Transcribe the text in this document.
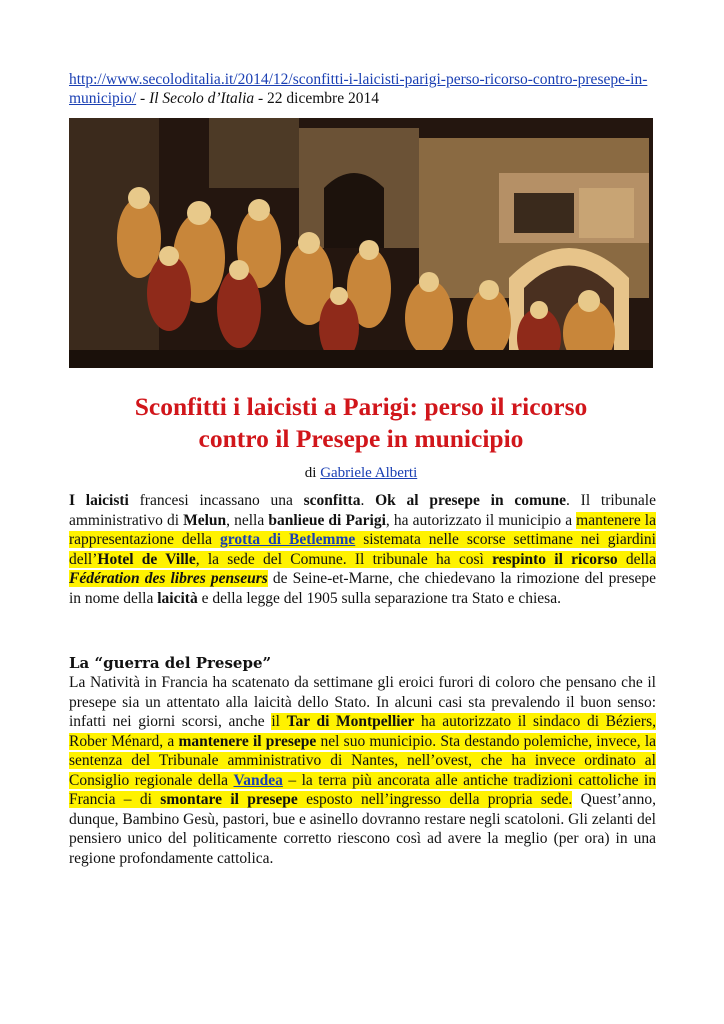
http://www.secoloditalia.it/2014/12/sconfitti-i-laicisti-parigi-perso-ricorso-contro-presepe-in-municipio/ - Il Secolo d’Italia - 22 dicembre 2014
Sconfitti i laicisti a Parigi: perso il ricorso
contro il Presepe in municipio
di Gabriele Alberti
I laicisti francesi incassano una sconfitta. Ok al presepe in comune. Il tribunale amministrativo di Melun, nella banlieue di Parigi, ha autorizzato il municipio a mantenere la rappresentazione della grotta di Betlemme sistemata nelle scorse settimane nei giardini dell’Hotel de Ville, la sede del Comune. Il tribunale ha così respinto il ricorso della Fédération des libres penseurs de Seine-et-Marne, che chiedevano la rimozione del presepe in nome della laicità e della legge del 1905 sulla separazione tra Stato e chiesa.
La “guerra del Presepe”
La Natività in Francia ha scatenato da settimane gli eroici furori di coloro che pensano che il presepe sia un attentato alla laicità dello Stato. In alcuni casi sta prevalendo il buon senso: infatti nei giorni scorsi, anche il Tar di Montpellier ha autorizzato il sindaco di Béziers, Rober Ménard, a mantenere il presepe nel suo municipio. Sta destando polemiche, invece, la sentenza del Tribunale amministrativo di Nantes, nell’ovest, che ha invece ordinato al Consiglio regionale della Vandea – la terra più ancorata alle antiche tradizioni cattoliche in Francia – di smontare il presepe esposto nell’ingresso della propria sede. Quest’anno, dunque, Bambino Gesù, pastori, bue e asinello dovranno restare negli scatoloni. Gli zelanti del pensiero unico del politicamente corretto riescono così ad avere la meglio (per ora) in una regione profondamente cattolica.
